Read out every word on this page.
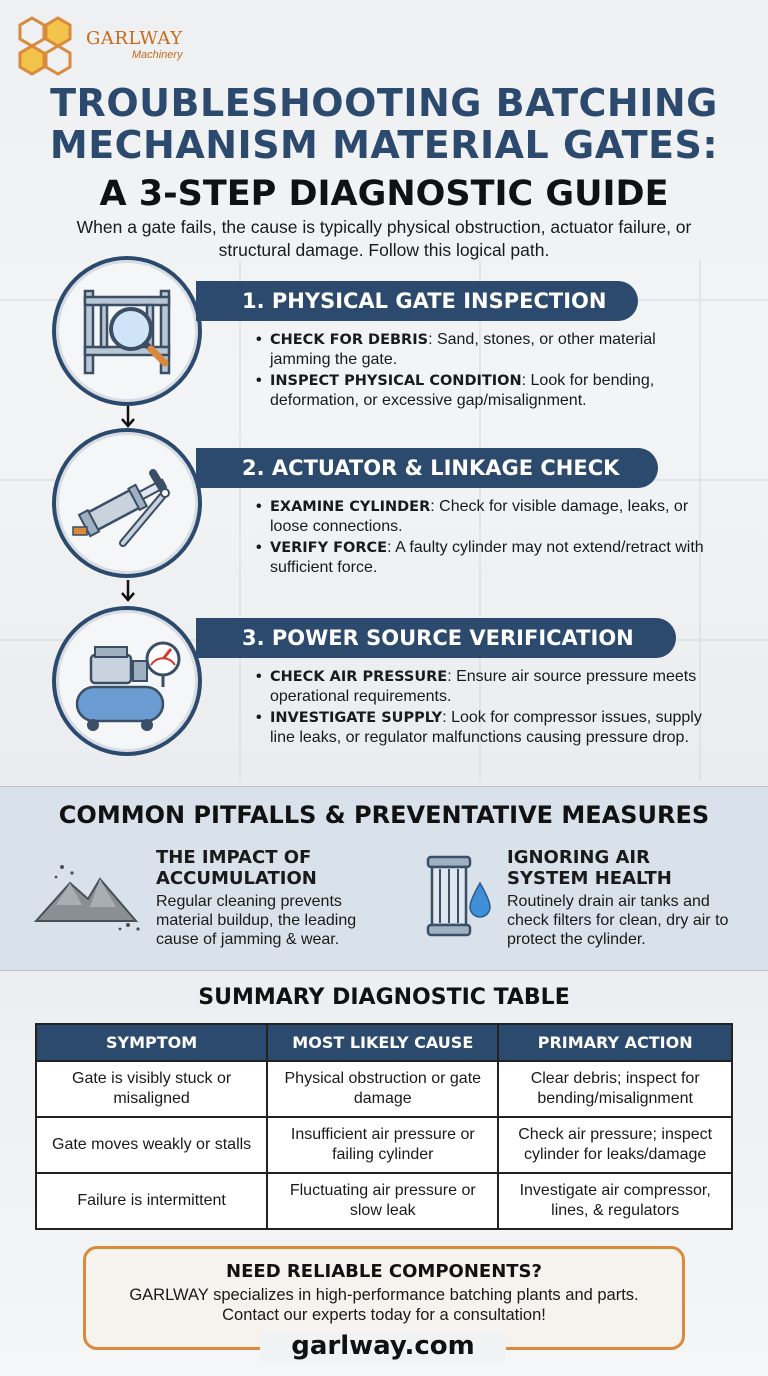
GARLWAY
Machinery
TROUBLESHOOTING BATCHING
MECHANISM MATERIAL GATES:
A 3-STEP DIAGNOSTIC GUIDE
When a gate fails, the cause is typically physical obstruction, actuator failure, or structural damage. Follow this logical path.
1. PHYSICAL GATE INSPECTION
• CHECK FOR DEBRIS: Sand, stones, or other material jamming the gate.
• INSPECT PHYSICAL CONDITION: Look for bending, deformation, or excessive gap/misalignment.
2. ACTUATOR & LINKAGE CHECK
• EXAMINE CYLINDER: Check for visible damage, leaks, or loose connections.
• VERIFY FORCE: A faulty cylinder may not extend/retract with sufficient force.
3. POWER SOURCE VERIFICATION
• CHECK AIR PRESSURE: Ensure air source pressure meets operational requirements.
• INVESTIGATE SUPPLY: Look for compressor issues, supply line leaks, or regulator malfunctions causing pressure drop.
COMMON PITFALLS & PREVENTATIVE MEASURES
THE IMPACT OF
ACCUMULATION
Regular cleaning prevents material buildup, the leading cause of jamming & wear.
IGNORING AIR
SYSTEM HEALTH
Routinely drain air tanks and check filters for clean, dry air to protect the cylinder.
SUMMARY DIAGNOSTIC TABLE
SYMPTOM	MOST LIKELY CAUSE	PRIMARY ACTION
Gate is visibly stuck or misaligned	Physical obstruction or gate damage	Clear debris; inspect for bending/misalignment
Gate moves weakly or stalls	Insufficient air pressure or failing cylinder	Check air pressure; inspect cylinder for leaks/damage
Failure is intermittent	Fluctuating air pressure or slow leak	Investigate air compressor, lines, & regulators
NEED RELIABLE COMPONENTS?
GARLWAY specializes in high-performance batching plants and parts. Contact our experts today for a consultation!
garlway.com
